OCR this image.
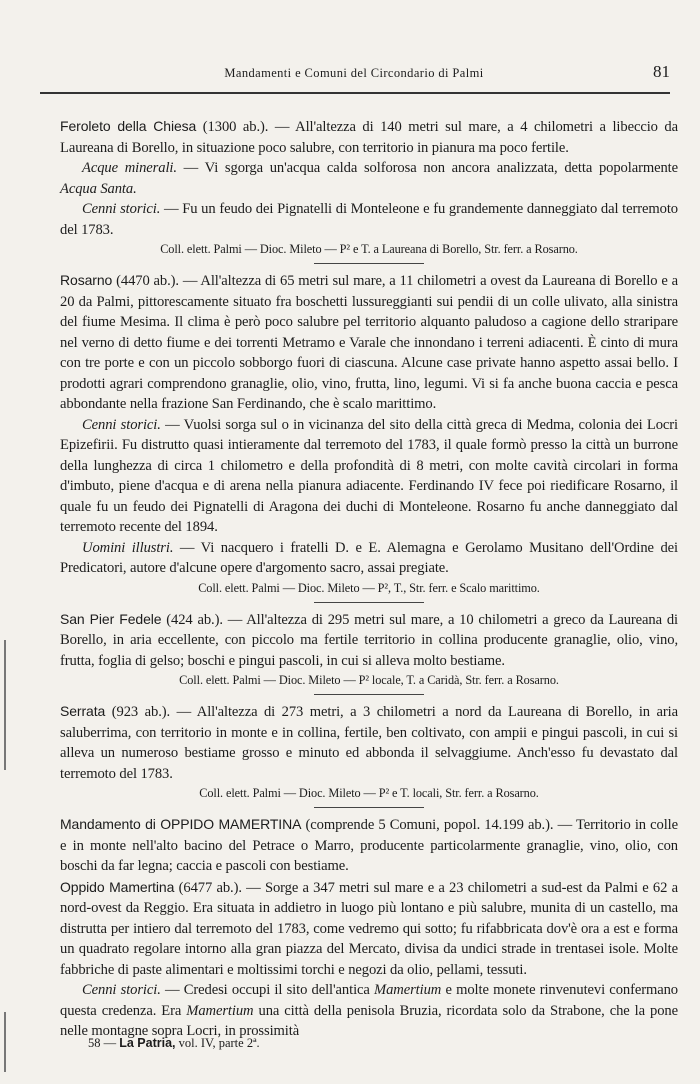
Mandamenti e Comuni del Circondario di Palmi	81

Feroleto della Chiesa (1300 ab.). — All'altezza di 140 metri sul mare, a 4 chilometri a libeccio da Laureana di Borello, in situazione poco salubre, con territorio in pianura ma poco fertile.

Acque minerali. — Vi sgorga un'acqua calda solforosa non ancora analizzata, detta popolarmente Acqua Santa.

Cenni storici. — Fu un feudo dei Pignatelli di Monteleone e fu grandemente danneggiato dal terremoto del 1783.

Coll. elett. Palmi — Dioc. Mileto — P² e T. a Laureana di Borello, Str. ferr. a Rosarno.

Rosarno (4470 ab.). — All'altezza di 65 metri sul mare, a 11 chilometri a ovest da Laureana di Borello e a 20 da Palmi, pittorescamente situato fra boschetti lussureggianti sui pendii di un colle ulivato, alla sinistra del fiume Mesima. Il clima è però poco salubre pel territorio alquanto paludoso a cagione dello straripare nel verno di detto fiume e dei torrenti Metramo e Varale che innondano i terreni adiacenti. È cinto di mura con tre porte e con un piccolo sobborgo fuori di ciascuna. Alcune case private hanno aspetto assai bello. I prodotti agrari comprendono granaglie, olio, vino, frutta, lino, legumi. Vi si fa anche buona caccia e pesca abbondante nella frazione San Ferdinando, che è scalo marittimo.

Cenni storici. — Vuolsi sorga sul o in vicinanza del sito della città greca di Medma, colonia dei Locri Epizefirii. Fu distrutto quasi intieramente dal terremoto del 1783, il quale formò presso la città un burrone della lunghezza di circa 1 chilometro e della profondità di 8 metri, con molte cavità circolari in forma d'imbuto, piene d'acqua e di arena nella pianura adiacente. Ferdinando IV fece poi riedificare Rosarno, il quale fu un feudo dei Pignatelli di Aragona dei duchi di Monteleone. Rosarno fu anche danneggiato dal terremoto recente del 1894.

Uomini illustri. — Vi nacquero i fratelli D. e E. Alemagna e Gerolamo Musitano dell'Ordine dei Predicatori, autore d'alcune opere d'argomento sacro, assai pregiate.

Coll. elett. Palmi — Dioc. Mileto — P², T., Str. ferr. e Scalo marittimo.

San Pier Fedele (424 ab.). — All'altezza di 295 metri sul mare, a 10 chilometri a greco da Laureana di Borello, in aria eccellente, con piccolo ma fertile territorio in collina producente granaglie, olio, vino, frutta, foglia di gelso; boschi e pingui pascoli, in cui si alleva molto bestiame.

Coll. elett. Palmi — Dioc. Mileto — P² locale, T. a Caridà, Str. ferr. a Rosarno.

Serrata (923 ab.). — All'altezza di 273 metri, a 3 chilometri a nord da Laureana di Borello, in aria saluberrima, con territorio in monte e in collina, fertile, ben coltivato, con ampii e pingui pascoli, in cui si alleva un numeroso bestiame grosso e minuto ed abbonda il selvaggiume. Anch'esso fu devastato dal terremoto del 1783.

Coll. elett. Palmi — Dioc. Mileto — P² e T. locali, Str. ferr. a Rosarno.

Mandamento di OPPIDO MAMERTINA (comprende 5 Comuni, popol. 14.199 ab.). — Territorio in colle e in monte nell'alto bacino del Petrace o Marro, producente particolarmente granaglie, vino, olio, con boschi da far legna; caccia e pascoli con bestiame.

Oppido Mamertina (6477 ab.). — Sorge a 347 metri sul mare e a 23 chilometri a sud-est da Palmi e 62 a nord-ovest da Reggio. Era situata in addietro in luogo più lontano e più salubre, munita di un castello, ma distrutta per intiero dal terremoto del 1783, come vedremo qui sotto; fu rifabbricata dov'è ora a est e forma un quadrato regolare intorno alla gran piazza del Mercato, divisa da undici strade in trentasei isole. Molte fabbriche di paste alimentari e moltissimi torchi e negozi da olio, pellami, tessuti.

Cenni storici. — Credesi occupi il sito dell'antica Mamertium e molte monete rinvenutevi confermano questa credenza. Era Mamertium una città della penisola Bruzia, ricordata solo da Strabone, che la pone nelle montagne sopra Locri, in prossimità

58 — La Patria, vol. IV, parte 2ª.
